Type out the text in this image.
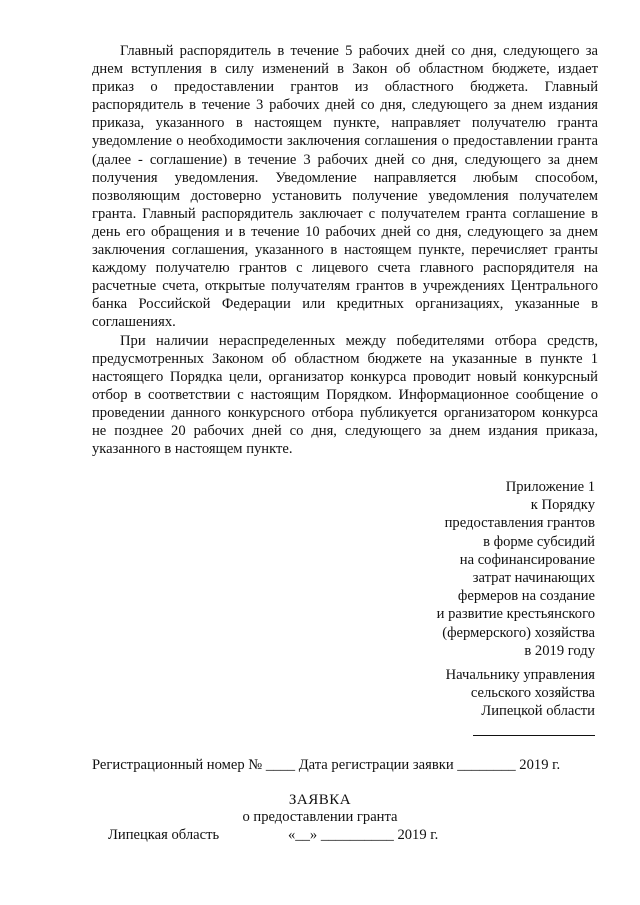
Главный распорядитель в течение 5 рабочих дней со дня, следующего за днем вступления в силу изменений в Закон об областном бюджете, издает приказ о предоставлении грантов из областного бюджета. Главный распорядитель в течение 3 рабочих дней со дня, следующего за днем издания приказа, указанного в настоящем пункте, направляет получателю гранта уведомление о необходимости заключения соглашения о предоставлении гранта (далее - соглашение) в течение 3 рабочих дней со дня, следующего за днем получения уведомления. Уведомление направляется любым способом, позволяющим достоверно установить получение уведомления получателем гранта. Главный распорядитель заключает с получателем гранта соглашение в день его обращения и в течение 10 рабочих дней со дня, следующего за днем заключения соглашения, указанного в настоящем пункте, перечисляет гранты каждому получателю грантов с лицевого счета главного распорядителя на расчетные счета, открытые получателям грантов в учреждениях Центрального банка Российской Федерации или кредитных организациях, указанные в соглашениях.

При наличии нераспределенных между победителями отбора средств, предусмотренных Законом об областном бюджете на указанные в пункте 1 настоящего Порядка цели, организатор конкурса проводит новый конкурсный отбор в соответствии с настоящим Порядком. Информационное сообщение о проведении данного конкурсного отбора публикуется организатором конкурса не позднее 20 рабочих дней со дня, следующего за днем издания приказа, указанного в настоящем пункте.

Приложение 1
к Порядку
предоставления грантов
в форме субсидий
на софинансирование
затрат начинающих
фермеров на создание
и развитие крестьянского
(фермерского) хозяйства
в 2019 году
Начальнику управления
сельского хозяйства
Липецкой области
Регистрационный номер № ____ Дата регистрации заявки ________ 2019 г.
ЗАЯВКА
о предоставлении гранта
Липецкая область	«__» __________ 2019 г.
